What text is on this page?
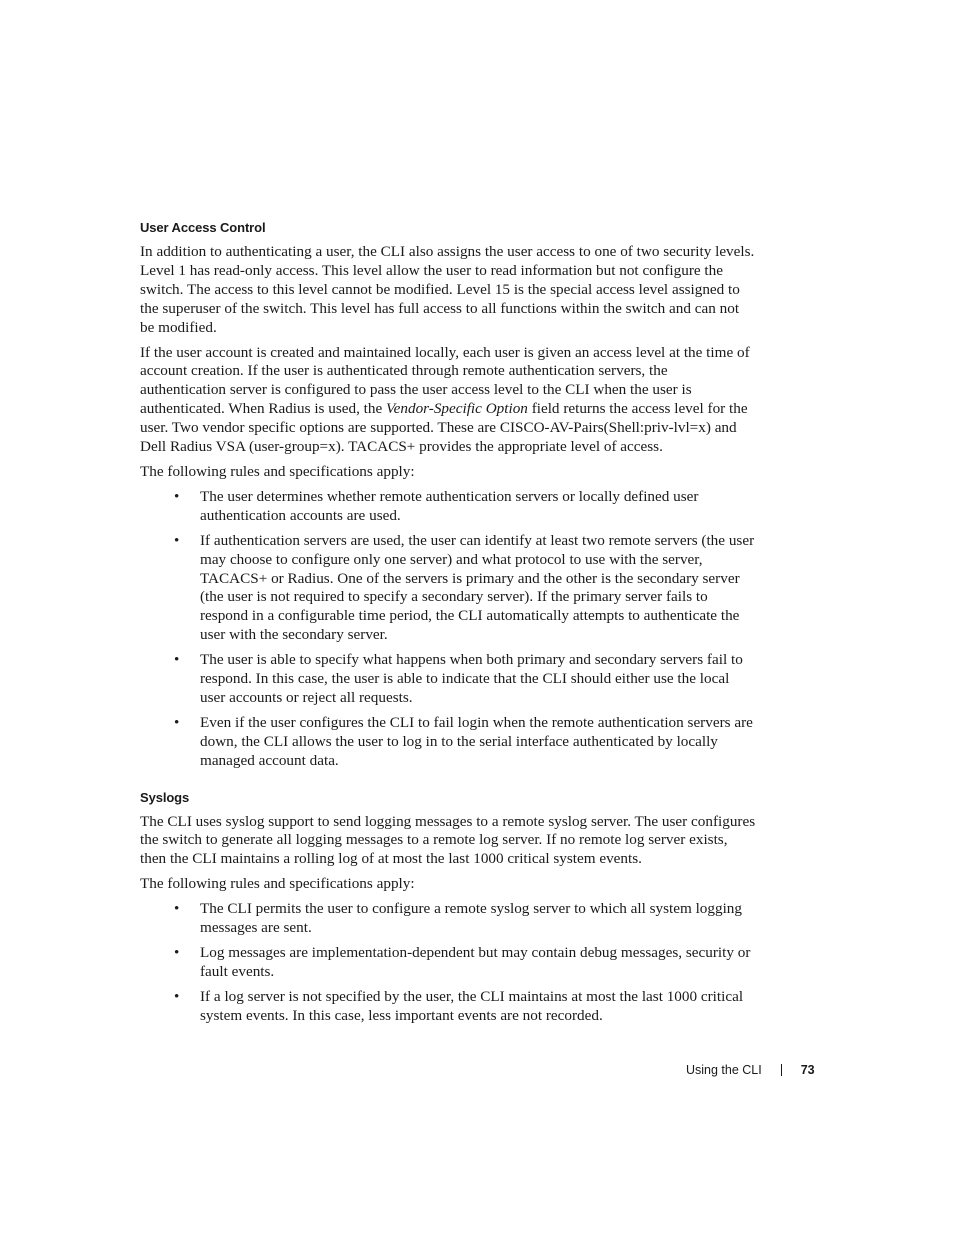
User Access Control

In addition to authenticating a user, the CLI also assigns the user access to one of two security levels. Level 1 has read-only access. This level allow the user to read information but not configure the switch. The access to this level cannot be modified. Level 15 is the special access level assigned to the superuser of the switch. This level has full access to all functions within the switch and can not be modified.

If the user account is created and maintained locally, each user is given an access level at the time of account creation. If the user is authenticated through remote authentication servers, the authentication server is configured to pass the user access level to the CLI when the user is authenticated. When Radius is used, the Vendor-Specific Option field returns the access level for the user. Two vendor specific options are supported. These are CISCO-AV-Pairs(Shell:priv-lvl=x) and Dell Radius VSA (user-group=x). TACACS+ provides the appropriate level of access.

The following rules and specifications apply:

• The user determines whether remote authentication servers or locally defined user authentication accounts are used.
• If authentication servers are used, the user can identify at least two remote servers (the user may choose to configure only one server) and what protocol to use with the server, TACACS+ or Radius. One of the servers is primary and the other is the secondary server (the user is not required to specify a secondary server). If the primary server fails to respond in a configurable time period, the CLI automatically attempts to authenticate the user with the secondary server.
• The user is able to specify what happens when both primary and secondary servers fail to respond. In this case, the user is able to indicate that the CLI should either use the local user accounts or reject all requests.
• Even if the user configures the CLI to fail login when the remote authentication servers are down, the CLI allows the user to log in to the serial interface authenticated by locally managed account data.
Syslogs

The CLI uses syslog support to send logging messages to a remote syslog server. The user configures the switch to generate all logging messages to a remote log server. If no remote log server exists, then the CLI maintains a rolling log of at most the last 1000 critical system events.

The following rules and specifications apply:

• The CLI permits the user to configure a remote syslog server to which all system logging messages are sent.
• Log messages are implementation-dependent but may contain debug messages, security or fault events.
• If a log server is not specified by the user, the CLI maintains at most the last 1000 critical system events. In this case, less important events are not recorded.
Using the CLI	73
